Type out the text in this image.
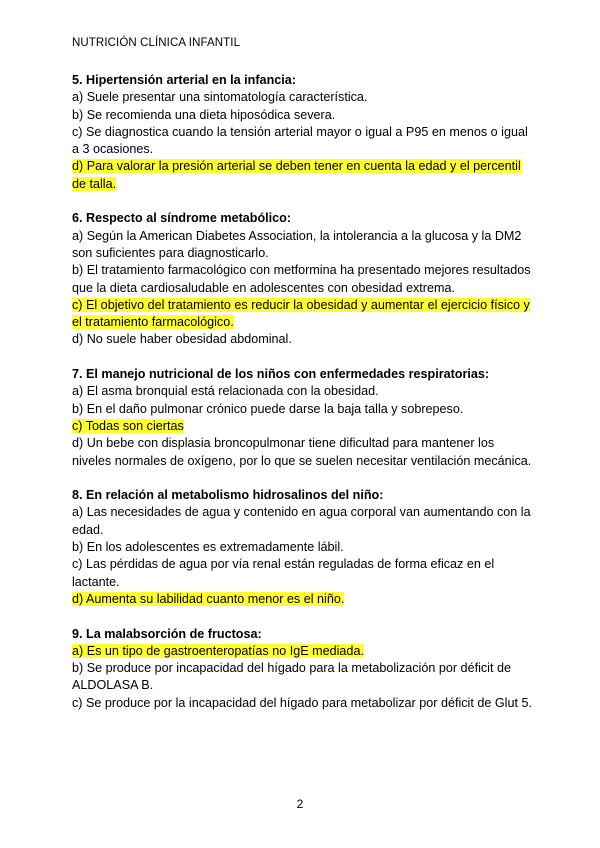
NUTRICIÓN CLÍNICA INFANTIL

5. Hipertensión arterial en la infancia:

a) Suele presentar una sintomatología característica.

b) Se recomienda una dieta hiposódica severa.

c) Se diagnostica cuando la tensión arterial mayor o igual a P95 en menos o igual a 3 ocasiones.

d) Para valorar la presión arterial se deben tener en cuenta la edad y el percentil de talla.

6. Respecto al síndrome metabólico:

a) Según la American Diabetes Association, la intolerancia a la glucosa y la DM2 son suficientes para diagnosticarlo.

b) El tratamiento farmacológico con metformina ha presentado mejores resultados que la dieta cardiosaludable en adolescentes con obesidad extrema.

c) El objetivo del tratamiento es reducir la obesidad y aumentar el ejercicio físico y el tratamiento farmacológico.

d) No suele haber obesidad abdominal.

7. El manejo nutricional de los niños con enfermedades respiratorias:

a) El asma bronquial está relacionada con la obesidad.

b) En el daño pulmonar crónico puede darse la baja talla y sobrepeso.

c) Todas son ciertas

d) Un bebe con displasia broncopulmonar tiene dificultad para mantener los niveles normales de oxígeno, por lo que se suelen necesitar ventilación mecánica.

8. En relación al metabolismo hidrosalinos del niño:

a) Las necesidades de agua y contenido en agua corporal van aumentando con la edad.

b) En los adolescentes es extremadamente lábil.

c) Las pérdidas de agua por vía renal están reguladas de forma eficaz en el lactante.

d) Aumenta su labilidad cuanto menor es el niño.

9. La malabsorción de fructosa:

a) Es un tipo de gastroenteropatías no IgE mediada.

b) Se produce por incapacidad del hígado para la metabolización por déficit de ALDOLASA B.

c) Se produce por la incapacidad del hígado para metabolizar por déficit de Glut 5.

2
